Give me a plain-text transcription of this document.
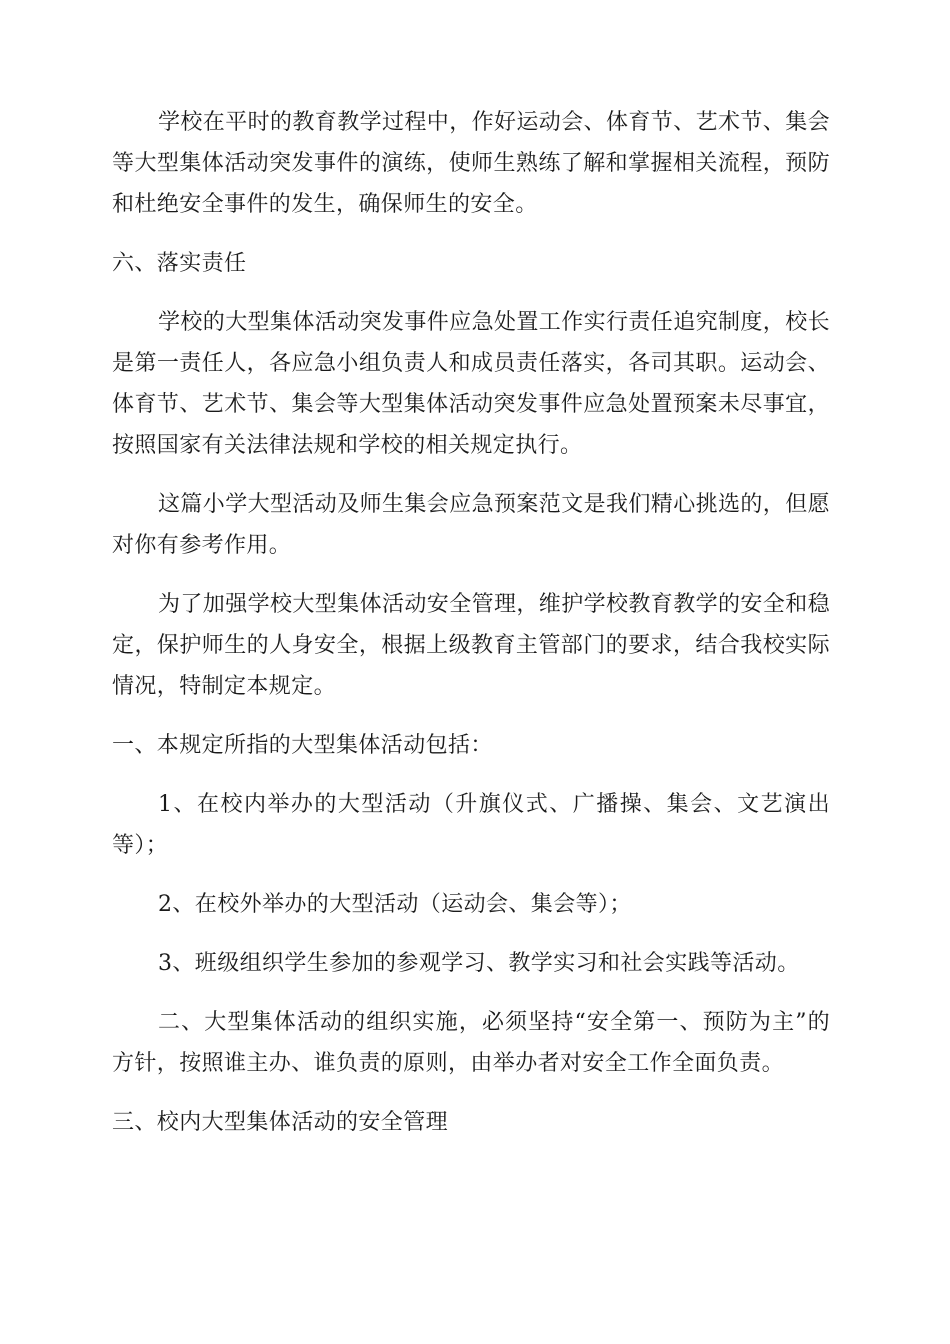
学校在平时的教育教学过程中，作好运动会、体育节、艺术节、集会等大型集体活动突发事件的演练，使师生熟练了解和掌握相关流程，预防和杜绝安全事件的发生，确保师生的安全。

六、落实责任

学校的大型集体活动突发事件应急处置工作实行责任追究制度，校长是第一责任人，各应急小组负责人和成员责任落实，各司其职。运动会、体育节、艺术节、集会等大型集体活动突发事件应急处置预案未尽事宜，按照国家有关法律法规和学校的相关规定执行。

这篇小学大型活动及师生集会应急预案范文是我们精心挑选的，但愿对你有参考作用。

为了加强学校大型集体活动安全管理，维护学校教育教学的安全和稳定，保护师生的人身安全，根据上级教育主管部门的要求，结合我校实际情况，特制定本规定。

一、本规定所指的大型集体活动包括：

1、在校内举办的大型活动（升旗仪式、广播操、集会、文艺演出等）；

2、在校外举办的大型活动（运动会、集会等）；

3、班级组织学生参加的参观学习、教学实习和社会实践等活动。

二、大型集体活动的组织实施，必须坚持“安全第一、预防为主”的方针，按照谁主办、谁负责的原则，由举办者对安全工作全面负责。

三、校内大型集体活动的安全管理
